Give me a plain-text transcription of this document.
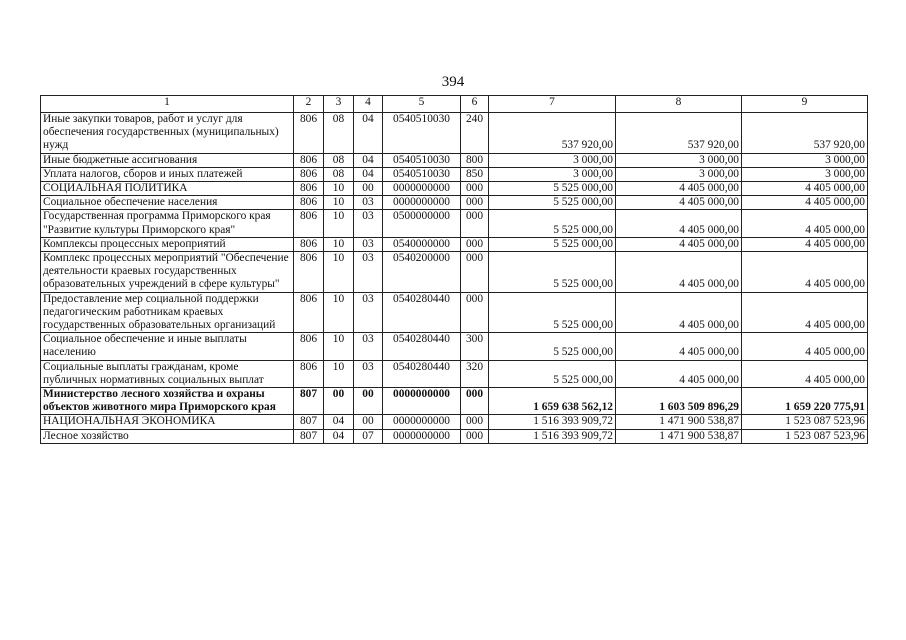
394
1	2	3	4	5	6	7	8	9
Иные закупки товаров, работ и услуг для обеспечения государственных (муниципальных) нужд	806	08	04	0540510030	240	537 920,00	537 920,00	537 920,00
Иные бюджетные ассигнования	806	08	04	0540510030	800	3 000,00	3 000,00	3 000,00
Уплата налогов, сборов и иных платежей	806	08	04	0540510030	850	3 000,00	3 000,00	3 000,00
СОЦИАЛЬНАЯ ПОЛИТИКА	806	10	00	0000000000	000	5 525 000,00	4 405 000,00	4 405 000,00
Социальное обеспечение населения	806	10	03	0000000000	000	5 525 000,00	4 405 000,00	4 405 000,00
Государственная программа Приморского края "Развитие культуры Приморского края"	806	10	03	0500000000	000	5 525 000,00	4 405 000,00	4 405 000,00
Комплексы процессных мероприятий	806	10	03	0540000000	000	5 525 000,00	4 405 000,00	4 405 000,00
Комплекс процессных мероприятий "Обеспечение деятельности краевых государственных образовательных учреждений в сфере культуры"	806	10	03	0540200000	000	5 525 000,00	4 405 000,00	4 405 000,00
Предоставление мер социальной поддержки педагогическим работникам краевых государственных образовательных организаций	806	10	03	0540280440	000	5 525 000,00	4 405 000,00	4 405 000,00
Социальное обеспечение и иные выплаты населению	806	10	03	0540280440	300	5 525 000,00	4 405 000,00	4 405 000,00
Социальные выплаты гражданам, кроме публичных нормативных социальных выплат	806	10	03	0540280440	320	5 525 000,00	4 405 000,00	4 405 000,00
Министерство лесного хозяйства и охраны объектов животного мира Приморского края	807	00	00	0000000000	000	1 659 638 562,12	1 603 509 896,29	1 659 220 775,91
НАЦИОНАЛЬНАЯ ЭКОНОМИКА	807	04	00	0000000000	000	1 516 393 909,72	1 471 900 538,87	1 523 087 523,96
Лесное хозяйство	807	04	07	0000000000	000	1 516 393 909,72	1 471 900 538,87	1 523 087 523,96
